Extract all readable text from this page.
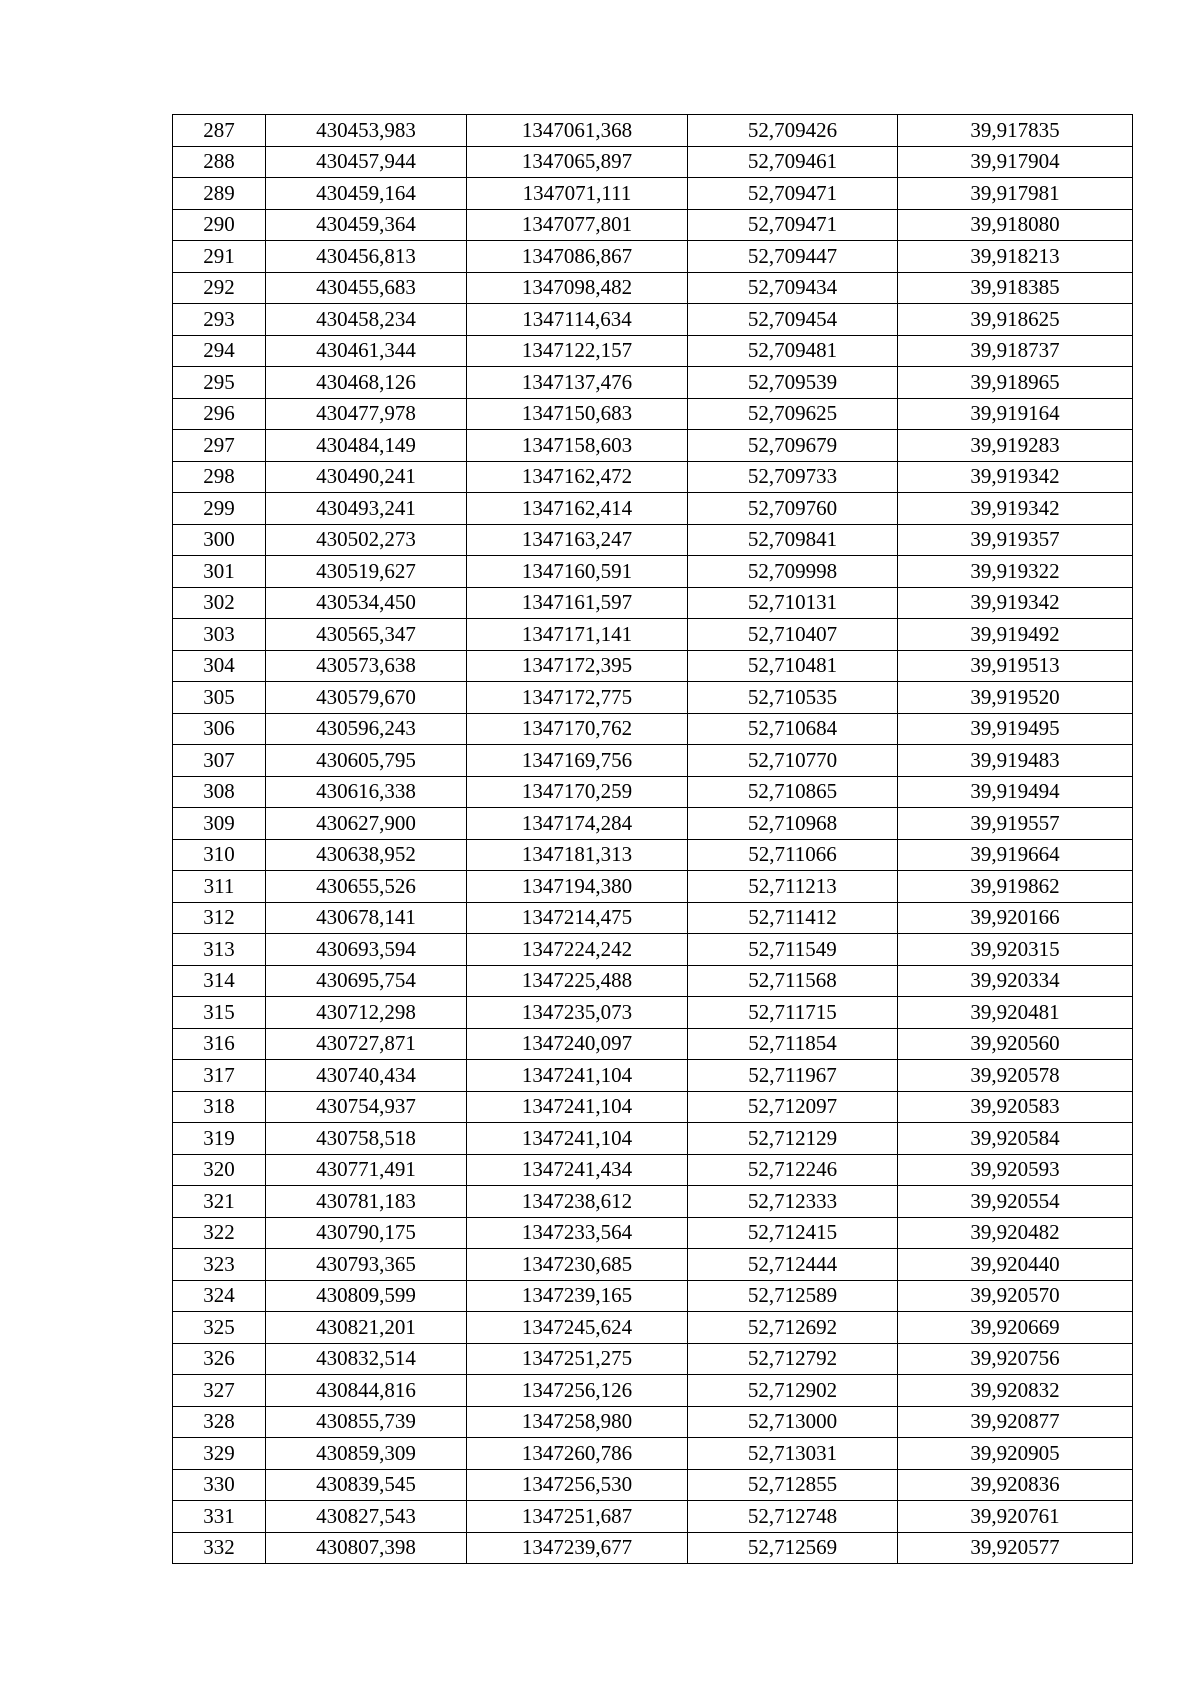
287	430453,983	1347061,368	52,709426	39,917835
288	430457,944	1347065,897	52,709461	39,917904
289	430459,164	1347071,111	52,709471	39,917981
290	430459,364	1347077,801	52,709471	39,918080
291	430456,813	1347086,867	52,709447	39,918213
292	430455,683	1347098,482	52,709434	39,918385
293	430458,234	1347114,634	52,709454	39,918625
294	430461,344	1347122,157	52,709481	39,918737
295	430468,126	1347137,476	52,709539	39,918965
296	430477,978	1347150,683	52,709625	39,919164
297	430484,149	1347158,603	52,709679	39,919283
298	430490,241	1347162,472	52,709733	39,919342
299	430493,241	1347162,414	52,709760	39,919342
300	430502,273	1347163,247	52,709841	39,919357
301	430519,627	1347160,591	52,709998	39,919322
302	430534,450	1347161,597	52,710131	39,919342
303	430565,347	1347171,141	52,710407	39,919492
304	430573,638	1347172,395	52,710481	39,919513
305	430579,670	1347172,775	52,710535	39,919520
306	430596,243	1347170,762	52,710684	39,919495
307	430605,795	1347169,756	52,710770	39,919483
308	430616,338	1347170,259	52,710865	39,919494
309	430627,900	1347174,284	52,710968	39,919557
310	430638,952	1347181,313	52,711066	39,919664
311	430655,526	1347194,380	52,711213	39,919862
312	430678,141	1347214,475	52,711412	39,920166
313	430693,594	1347224,242	52,711549	39,920315
314	430695,754	1347225,488	52,711568	39,920334
315	430712,298	1347235,073	52,711715	39,920481
316	430727,871	1347240,097	52,711854	39,920560
317	430740,434	1347241,104	52,711967	39,920578
318	430754,937	1347241,104	52,712097	39,920583
319	430758,518	1347241,104	52,712129	39,920584
320	430771,491	1347241,434	52,712246	39,920593
321	430781,183	1347238,612	52,712333	39,920554
322	430790,175	1347233,564	52,712415	39,920482
323	430793,365	1347230,685	52,712444	39,920440
324	430809,599	1347239,165	52,712589	39,920570
325	430821,201	1347245,624	52,712692	39,920669
326	430832,514	1347251,275	52,712792	39,920756
327	430844,816	1347256,126	52,712902	39,920832
328	430855,739	1347258,980	52,713000	39,920877
329	430859,309	1347260,786	52,713031	39,920905
330	430839,545	1347256,530	52,712855	39,920836
331	430827,543	1347251,687	52,712748	39,920761
332	430807,398	1347239,677	52,712569	39,920577
